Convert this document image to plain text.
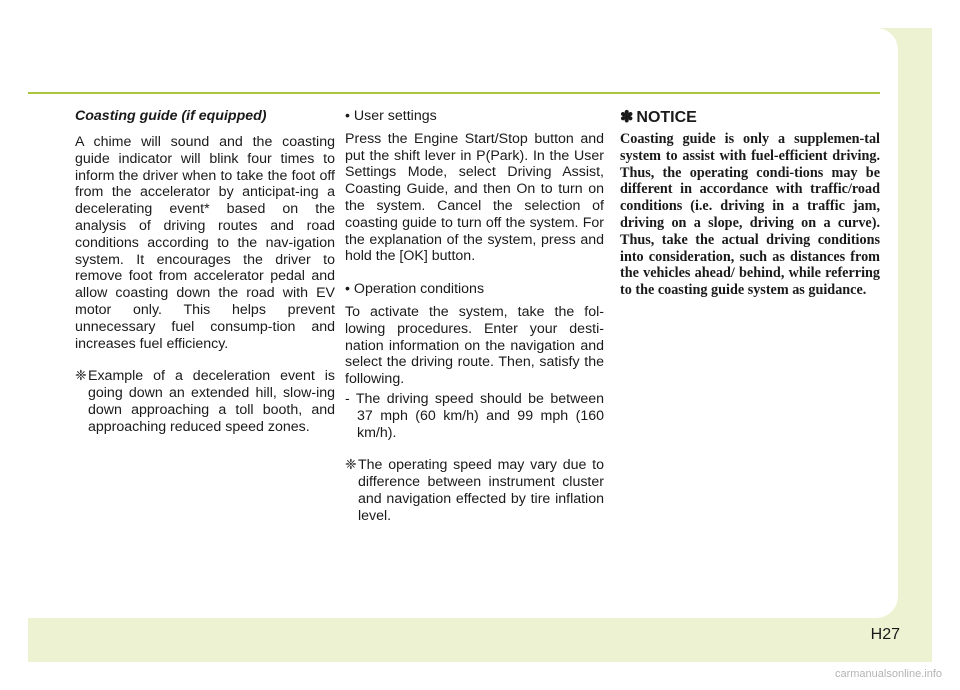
Coasting guide (if equipped)

A chime will sound and the coasting guide indicator will blink four times to inform the driver when to take the foot off from the accelerator by anticipat-ing a decelerating event* based on the analysis of driving routes and road conditions according to the nav-igation system. It encourages the driver to remove foot from accelerator pedal and allow coasting down the road with EV motor only. This helps prevent unnecessary fuel consump-tion and increases fuel efficiency.

❈Example of a deceleration event is going down an extended hill, slow-ing down approaching a toll booth, and approaching reduced speed zones.

• User settings

Press the Engine Start/Stop button and put the shift lever in P(Park). In the User Settings Mode, select Driving Assist, Coasting Guide, and then On to turn on the system. Cancel the selection of coasting guide to turn off the system. For the explanation of the system, press and hold the [OK] button.

• Operation conditions

To activate the system, take the fol-lowing procedures. Enter your desti-nation information on the navigation and select the driving route. Then, satisfy the following.

- The driving speed should be between 37 mph (60 km/h) and 99 mph (160 km/h).

❈The operating speed may vary due to difference between instrument cluster and navigation effected by tire inflation level.

✽ NOTICE

Coasting guide is only a supplemen-tal system to assist with fuel-efficient driving. Thus, the operating condi-tions may be different in accordance with traffic/road conditions (i.e. driving in a traffic jam, driving on a slope, driving on a curve). Thus, take the actual driving conditions into consideration, such as distances from the vehicles ahead/ behind, while referring to the coasting guide system as guidance.

H27
carmanualsonline.info
